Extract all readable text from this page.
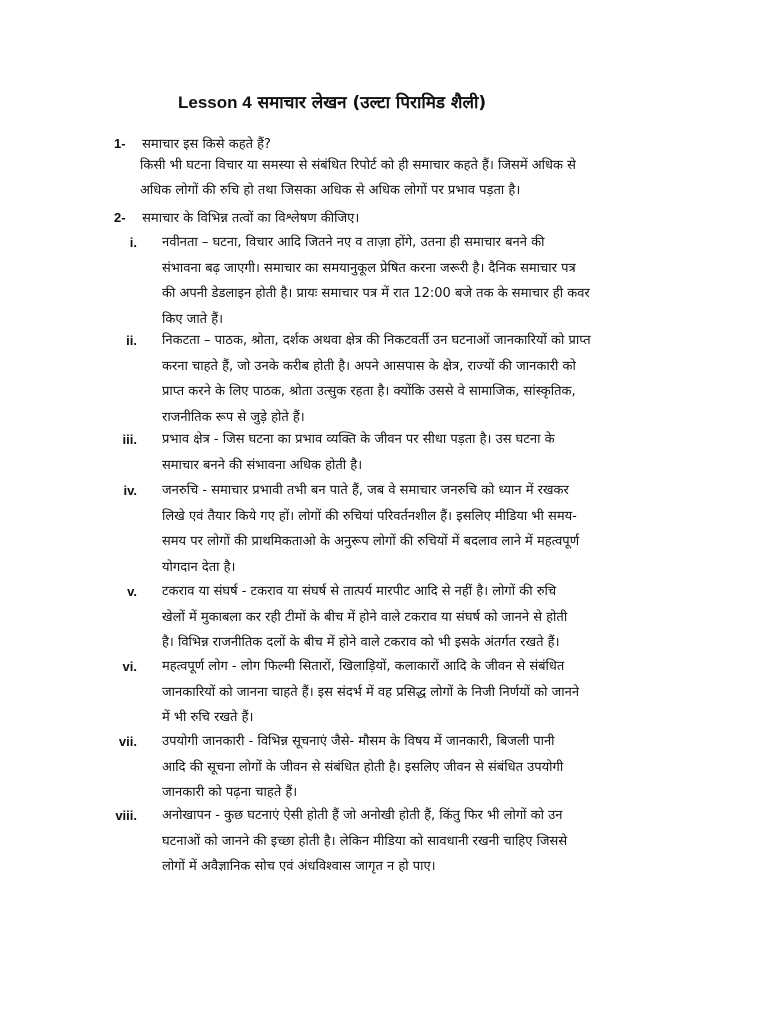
Lesson 4 समाचार लेखन (उल्टा पिरामिड शैली)
1- समाचार इस किसे कहते हैं?
किसी भी घटना विचार या समस्या से संबंधित रिपोर्ट को ही समाचार कहते हैं। जिसमें अधिक से
अधिक लोगों की रुचि हो तथा जिसका अधिक से अधिक लोगों पर प्रभाव पड़ता है।
2- समाचार के विभिन्न तत्वों का विश्लेषण कीजिए।
i. नवीनता – घटना, विचार आदि जितने नए व ताज़ा होंगे, उतना ही समाचार बनने की
संभावना बढ़ जाएगी। समाचार का समयानुकूल प्रेषित करना जरूरी है। दैनिक समाचार पत्र
की अपनी डेडलाइन होती है। प्रायः समाचार पत्र में रात 12:00 बजे तक के समाचार ही कवर
किए जाते हैं।
ii. निकटता – पाठक, श्रोता, दर्शक अथवा क्षेत्र की निकटवर्ती उन घटनाओं जानकारियों को प्राप्त
करना चाहते हैं, जो उनके करीब होती है। अपने आसपास के क्षेत्र, राज्यों की जानकारी को
प्राप्त करने के लिए पाठक, श्रोता उत्सुक रहता है। क्योंकि उससे वे सामाजिक, सांस्कृतिक,
राजनीतिक रूप से जुड़े होते हैं।
iii. प्रभाव क्षेत्र - जिस घटना का प्रभाव व्यक्ति के जीवन पर सीधा पड़ता है। उस घटना के
समाचार बनने की संभावना अधिक होती है।
iv. जनरुचि - समाचार प्रभावी तभी बन पाते हैं, जब वे समाचार जनरुचि को ध्यान में रखकर
लिखे एवं तैयार किये गए हों। लोगों की रुचियां परिवर्तनशील हैं। इसलिए मीडिया भी समय-
समय पर लोगों की प्राथमिकताओ के अनुरूप लोगों की रुचियों में बदलाव लाने में महत्वपूर्ण
योगदान देता है।
v. टकराव या संघर्ष - टकराव या संघर्ष से तात्पर्य मारपीट आदि से नहीं है। लोगों की रुचि
खेलों में मुकाबला कर रही टीमों के बीच में होने वाले टकराव या संघर्ष को जानने से होती
है। विभिन्न राजनीतिक दलों के बीच में होने वाले टकराव को भी इसके अंतर्गत रखते हैं।
vi. महत्वपूर्ण लोग - लोग फिल्मी सितारों, खिलाड़ियों, कलाकारों आदि के जीवन से संबंधित
जानकारियों को जानना चाहते हैं। इस संदर्भ में वह प्रसिद्ध लोगों के निजी निर्णयों को जानने
में भी रुचि रखते हैं।
vii. उपयोगी जानकारी - विभिन्न सूचनाएं जैसे- मौसम के विषय में जानकारी, बिजली पानी
आदि की सूचना लोगों के जीवन से संबंधित होती है। इसलिए जीवन से संबंधित उपयोगी
जानकारी को पढ़ना चाहते हैं।
viii. अनोखापन - कुछ घटनाएं ऐसी होती हैं जो अनोखी होती हैं, किंतु फिर भी लोगों को उन
घटनाओं को जानने की इच्छा होती है। लेकिन मीडिया को सावधानी रखनी चाहिए जिससे
लोगों में अवैज्ञानिक सोच एवं अंधविश्वास जागृत न हो पाए।
